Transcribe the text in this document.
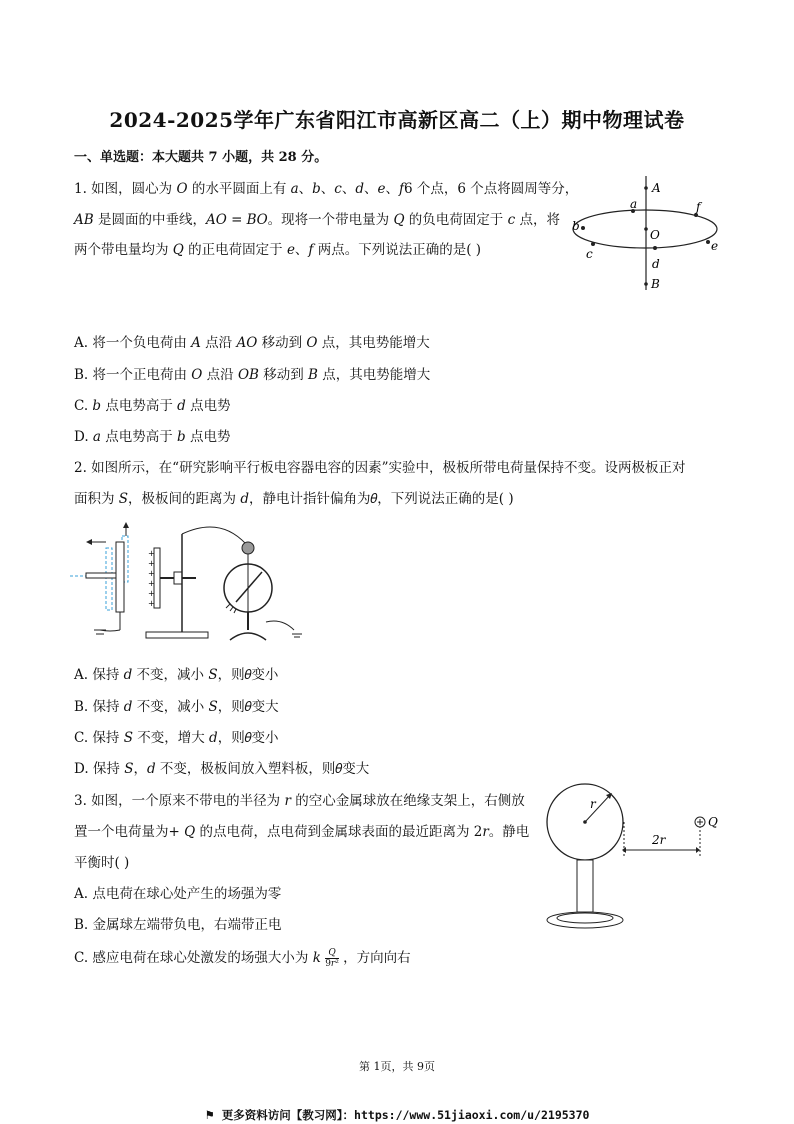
2024-2025学年广东省阳江市高新区高二（上）期中物理试卷
一、单选题：本大题共 7 小题，共 28 分。
1. 如图，圆心为 𝑂 的水平圆面上有 𝑎、𝑏、𝑐、𝑑、𝑒、𝑓6 个点，6 个点将圆周等分，
𝐴𝐵 是圆面的中垂线，𝐴𝑂 = 𝐵𝑂。现将一个带电量为 𝑄 的负电荷固定于 𝑐 点，将
两个带电量均为 𝑄 的正电荷固定于 𝑒、𝑓 两点。下列说法正确的是( )
A
a	f
b
O
c
d
e
B
A. 将一个负电荷由 𝐴 点沿 𝐴𝑂 移动到 𝑂 点，其电势能增大
B. 将一个正电荷由 𝑂 点沿 𝑂𝐵 移动到 𝐵 点，其电势能增大
C. 𝑏 点电势高于 𝑑 点电势
D. 𝑎 点电势高于 𝑏 点电势
2. 如图所示，在“研究影响平行板电容器电容的因素”实验中，极板所带电荷量保持不变。设两极板正对
面积为 𝑆，极板间的距离为 𝑑，静电计指针偏角为𝜃，下列说法正确的是( )
+
+
+
+
+
+
A. 保持 𝑑 不变，减小 𝑆，则𝜃变小
B. 保持 𝑑 不变，减小 𝑆，则𝜃变大
C. 保持 𝑆 不变，增大 𝑑，则𝜃变小
D. 保持 𝑆，𝑑 不变，极板间放入塑料板，则𝜃变大
3. 如图，一个原来不带电的半径为 𝑟 的空心金属球放在绝缘支架上，右侧放
置一个电荷量为+ 𝑄 的点电荷，点电荷到金属球表面的最近距离为 2𝑟。静电
平衡时( )
r
2r
Q
A. 点电荷在球心处产生的场强为零
B. 金属球左端带负电，右端带正电
C. 感应电荷在球心处激发的场强大小为 𝑘 $\frac{\text{𝑄}}{\text{9𝑟²}}$ ，方向向右
第 1页，共 9页
⚑ 更多资料访问【教习网】：https://www.51jiaoxi.com/u/2195370
